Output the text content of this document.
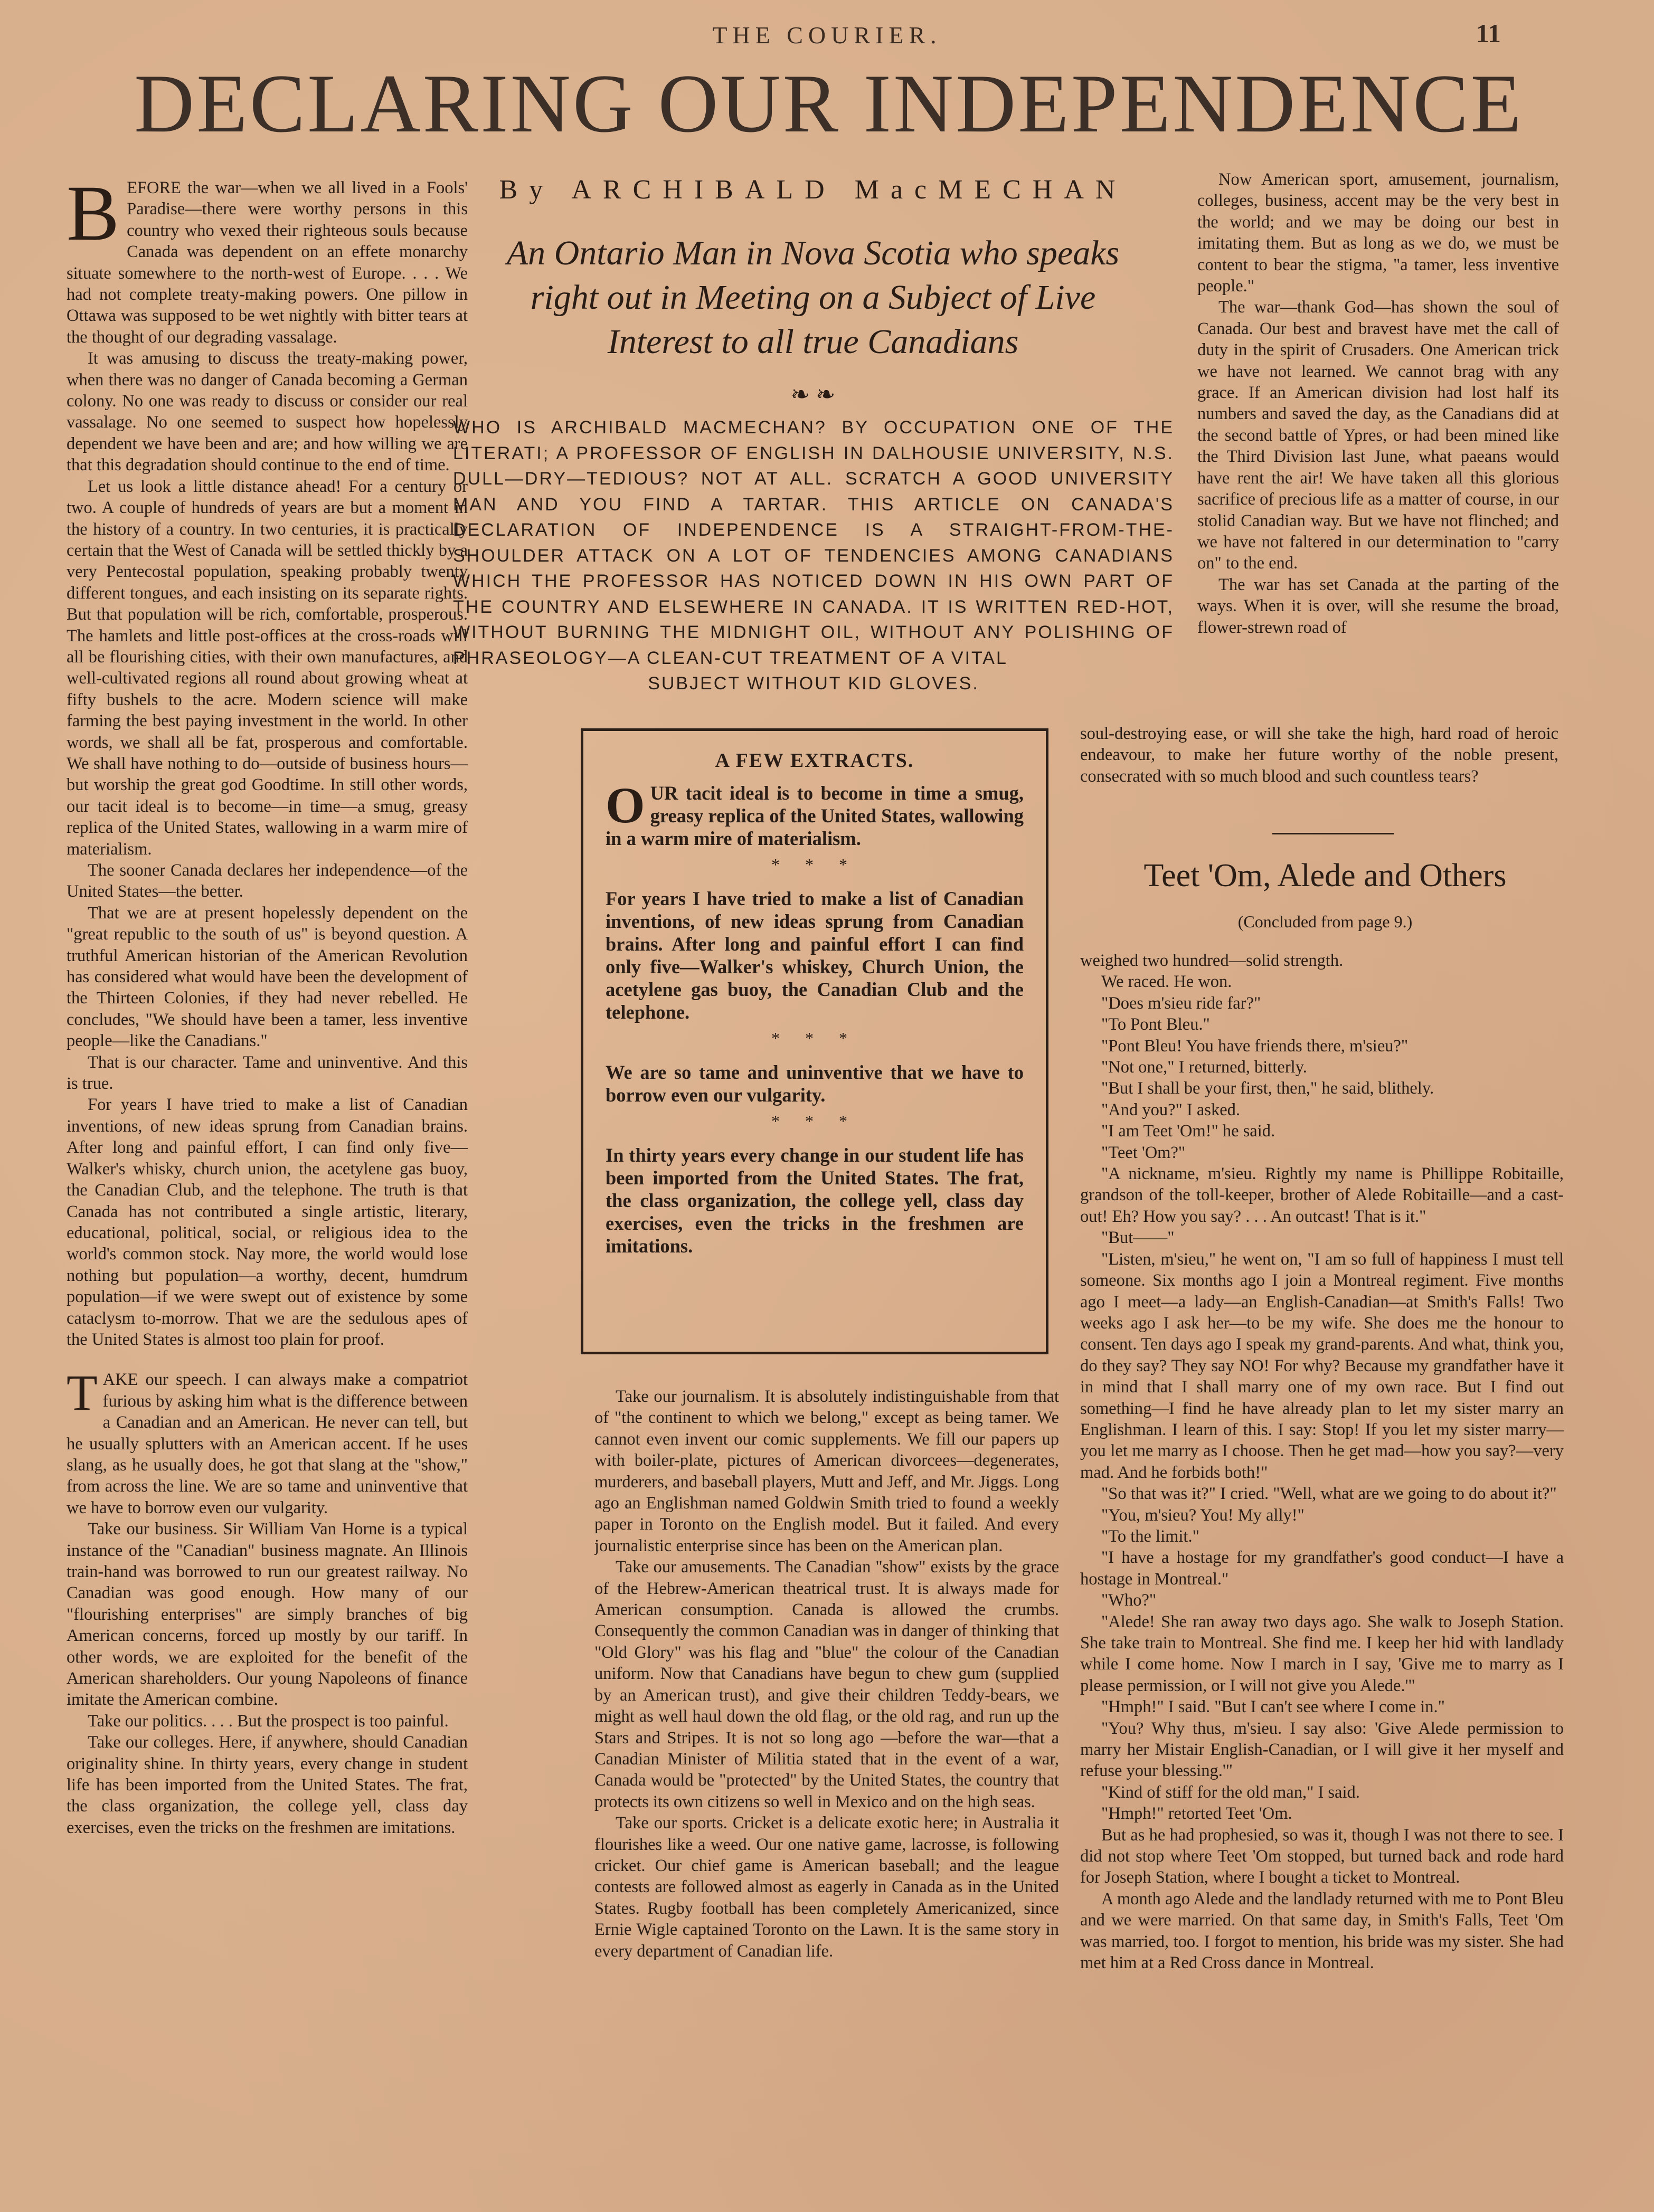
THE COURIER.	11
DECLARING OUR INDEPENDENCE
B EFORE the war—when we all lived in a Fools' Paradise—there were worthy persons in this country who vexed their righteous souls because Canada was dependent on an effete monarchy situate somewhere to the north-west of Europe. . . . We had not complete treaty-making powers. One pillow in Ottawa was supposed to be wet nightly with bitter tears at the thought of our degrading vassalage.

It was amusing to discuss the treaty-making power, when there was no danger of Canada becoming a German colony. No one was ready to discuss or consider our real vassalage. No one seemed to suspect how hopelessly dependent we have been and are; and how willing we are that this degradation should continue to the end of time.

Let us look a little distance ahead! For a century or two. A couple of hundreds of years are but a moment in the history of a country. In two centuries, it is practically certain that the West of Canada will be settled thickly by a very Pentecostal population, speaking probably twenty different tongues, and each insisting on its separate rights. But that population will be rich, comfortable, prosperous. The hamlets and little post-offices at the cross-roads will all be flourishing cities, with their own manufactures, and well-cultivated regions all round about growing wheat at fifty bushels to the acre. Modern science will make farming the best paying investment in the world. In other words, we shall all be fat, prosperous and comfortable. We shall have nothing to do—outside of business hours—but worship the great god Goodtime. In still other words, our tacit ideal is to become—in time—a smug, greasy replica of the United States, wallowing in a warm mire of materialism.

The sooner Canada declares her independence—of the United States—the better.

That we are at present hopelessly dependent on the "great republic to the south of us" is beyond question. A truthful American historian of the American Revolution has considered what would have been the development of the Thirteen Colonies, if they had never rebelled. He concludes, "We should have been a tamer, less inventive people—like the Canadians."

That is our character. Tame and uninventive. And this is true.

For years I have tried to make a list of Canadian inventions, of new ideas sprung from Canadian brains. After long and painful effort, I can find only five—Walker's whisky, church union, the acetylene gas buoy, the Canadian Club, and the telephone. The truth is that Canada has not contributed a single artistic, literary, educational, political, social, or religious idea to the world's common stock. Nay more, the world would lose nothing but population—a worthy, decent, humdrum population—if we were swept out of existence by some cataclysm to-morrow. That we are the sedulous apes of the United States is almost too plain for proof.

T AKE our speech. I can always make a compatriot furious by asking him what is the difference between a Canadian and an American. He never can tell, but he usually splutters with an American accent. If he uses slang, as he usually does, he got that slang at the "show," from across the line. We are so tame and uninventive that we have to borrow even our vulgarity.

Take our business. Sir William Van Horne is a typical instance of the "Canadian" business magnate. An Illinois train-hand was borrowed to run our greatest railway. No Canadian was good enough. How many of our "flourishing enterprises" are simply branches of big American concerns, forced up mostly by our tariff. In other words, we are exploited for the benefit of the American shareholders. Our young Napoleons of finance imitate the American combine.

Take our politics. . . . But the prospect is too painful.

Take our colleges. Here, if anywhere, should Canadian originality shine. In thirty years, every change in student life has been imported from the United States. The frat, the class organization, the college yell, class day exercises, even the tricks on the freshmen are imitations.

By ARCHIBALD MacMECHAN
An Ontario Man in Nova Scotia who speaks
right out in Meeting on a Subject of Live
Interest to all true Canadians
❧ ❧
WHO IS ARCHIBALD MACMECHAN? BY OCCUPATION ONE OF THE LITERATI; A PROFESSOR OF ENGLISH IN DALHOUSIE UNIVERSITY, N.S. DULL—DRY—TEDIOUS? NOT AT ALL. SCRATCH A GOOD UNIVERSITY MAN AND YOU FIND A TARTAR. THIS ARTICLE ON CANADA'S DECLARATION OF INDEPENDENCE IS A STRAIGHT-FROM-THE-SHOULDER ATTACK ON A LOT OF TENDENCIES AMONG CANADIANS WHICH THE PROFESSOR HAS NOTICED DOWN IN HIS OWN PART OF THE COUNTRY AND ELSEWHERE IN CANADA. IT IS WRITTEN RED-HOT, WITHOUT BURNING THE MIDNIGHT OIL, WITHOUT ANY POLISHING OF PHRASEOLOGY—A CLEAN-CUT TREATMENT OF A VITAL
SUBJECT WITHOUT KID GLOVES.
A FEW EXTRACTS.
O UR tacit ideal is to become in time a smug, greasy replica of the United States, wallowing in a warm mire of materialism.

* * *

For years I have tried to make a list of Canadian inventions, of new ideas sprung from Canadian brains. After long and painful effort I can find only five—Walker's whiskey, Church Union, the acetylene gas buoy, the Canadian Club and the telephone.

* * *

We are so tame and uninventive that we have to borrow even our vulgarity.

* * *

In thirty years every change in our student life has been imported from the United States. The frat, the class organization, the college yell, class day exercises, even the tricks in the freshmen are imitations.

Take our journalism. It is absolutely indistinguishable from that of "the continent to which we belong," except as being tamer. We cannot even invent our comic supplements. We fill our papers up with boiler-plate, pictures of American divorcees—degenerates, murderers, and baseball players, Mutt and Jeff, and Mr. Jiggs. Long ago an Englishman named Goldwin Smith tried to found a weekly paper in Toronto on the English model. But it failed. And every journalistic enterprise since has been on the American plan.

Take our amusements. The Canadian "show" exists by the grace of the Hebrew-American theatrical trust. It is always made for American consumption. Canada is allowed the crumbs. Consequently the common Canadian was in danger of thinking that "Old Glory" was his flag and "blue" the colour of the Canadian uniform. Now that Canadians have begun to chew gum (supplied by an American trust), and give their children Teddy-bears, we might as well haul down the old flag, or the old rag, and run up the Stars and Stripes. It is not so long ago —before the war—that a Canadian Minister of Militia stated that in the event of a war, Canada would be "protected" by the United States, the country that protects its own citizens so well in Mexico and on the high seas.

Take our sports. Cricket is a delicate exotic here; in Australia it flourishes like a weed. Our one native game, lacrosse, is following cricket. Our chief game is American baseball; and the league contests are followed almost as eagerly in Canada as in the United States. Rugby football has been completely Americanized, since Ernie Wigle captained Toronto on the Lawn. It is the same story in every department of Canadian life.

Now American sport, amusement, journalism, colleges, business, accent may be the very best in the world; and we may be doing our best in imitating them. But as long as we do, we must be content to bear the stigma, "a tamer, less inventive people."

The war—thank God—has shown the soul of Canada. Our best and bravest have met the call of duty in the spirit of Crusaders. One American trick we have not learned. We cannot brag with any grace. If an American division had lost half its numbers and saved the day, as the Canadians did at the second battle of Ypres, or had been mined like the Third Division last June, what paeans would have rent the air! We have taken all this glorious sacrifice of precious life as a matter of course, in our stolid Canadian way. But we have not flinched; and we have not faltered in our determination to "carry on" to the end.

The war has set Canada at the parting of the ways. When it is over, will she resume the broad, flower-strewn road of

soul-destroying ease, or will she take the high, hard road of heroic endeavour, to make her future worthy of the noble present, consecrated with so much blood and such countless tears?

Teet 'Om, Alede and Others
(Concluded from page 9.)

weighed two hundred—solid strength.

We raced. He won.

"Does m'sieu ride far?"

"To Pont Bleu."

"Pont Bleu! You have friends there, m'sieu?"

"Not one," I returned, bitterly.

"But I shall be your first, then," he said, blithely.

"And you?" I asked.

"I am Teet 'Om!" he said.

"Teet 'Om?"

"A nickname, m'sieu. Rightly my name is Phillippe Robitaille, grandson of the toll-keeper, brother of Alede Robitaille—and a cast-out! Eh? How you say? . . . An outcast! That is it."

"But——"

"Listen, m'sieu," he went on, "I am so full of happiness I must tell someone. Six months ago I join a Montreal regiment. Five months ago I meet—a lady—an English-Canadian—at Smith's Falls! Two weeks ago I ask her—to be my wife. She does me the honour to consent. Ten days ago I speak my grand-parents. And what, think you, do they say? They say NO! For why? Because my grandfather have it in mind that I shall marry one of my own race. But I find out something—I find he have already plan to let my sister marry an Englishman. I learn of this. I say: Stop! If you let my sister marry—you let me marry as I choose. Then he get mad—how you say?—very mad. And he forbids both!"

"So that was it?" I cried. "Well, what are we going to do about it?"

"You, m'sieu? You! My ally!"

"To the limit."

"I have a hostage for my grandfather's good conduct—I have a hostage in Montreal."

"Who?"

"Alede! She ran away two days ago. She walk to Joseph Station. She take train to Montreal. She find me. I keep her hid with landlady while I come home. Now I march in I say, 'Give me to marry as I please permission, or I will not give you Alede.'"

"Hmph!" I said. "But I can't see where I come in."

"You? Why thus, m'sieu. I say also: 'Give Alede permission to marry her Mistair English-Canadian, or I will give it her myself and refuse your blessing.'"

"Kind of stiff for the old man," I said.

"Hmph!" retorted Teet 'Om.

But as he had prophesied, so was it, though I was not there to see. I did not stop where Teet 'Om stopped, but turned back and rode hard for Joseph Station, where I bought a ticket to Montreal.

A month ago Alede and the landlady returned with me to Pont Bleu and we were married. On that same day, in Smith's Falls, Teet 'Om was married, too. I forgot to mention, his bride was my sister. She had met him at a Red Cross dance in Montreal.
